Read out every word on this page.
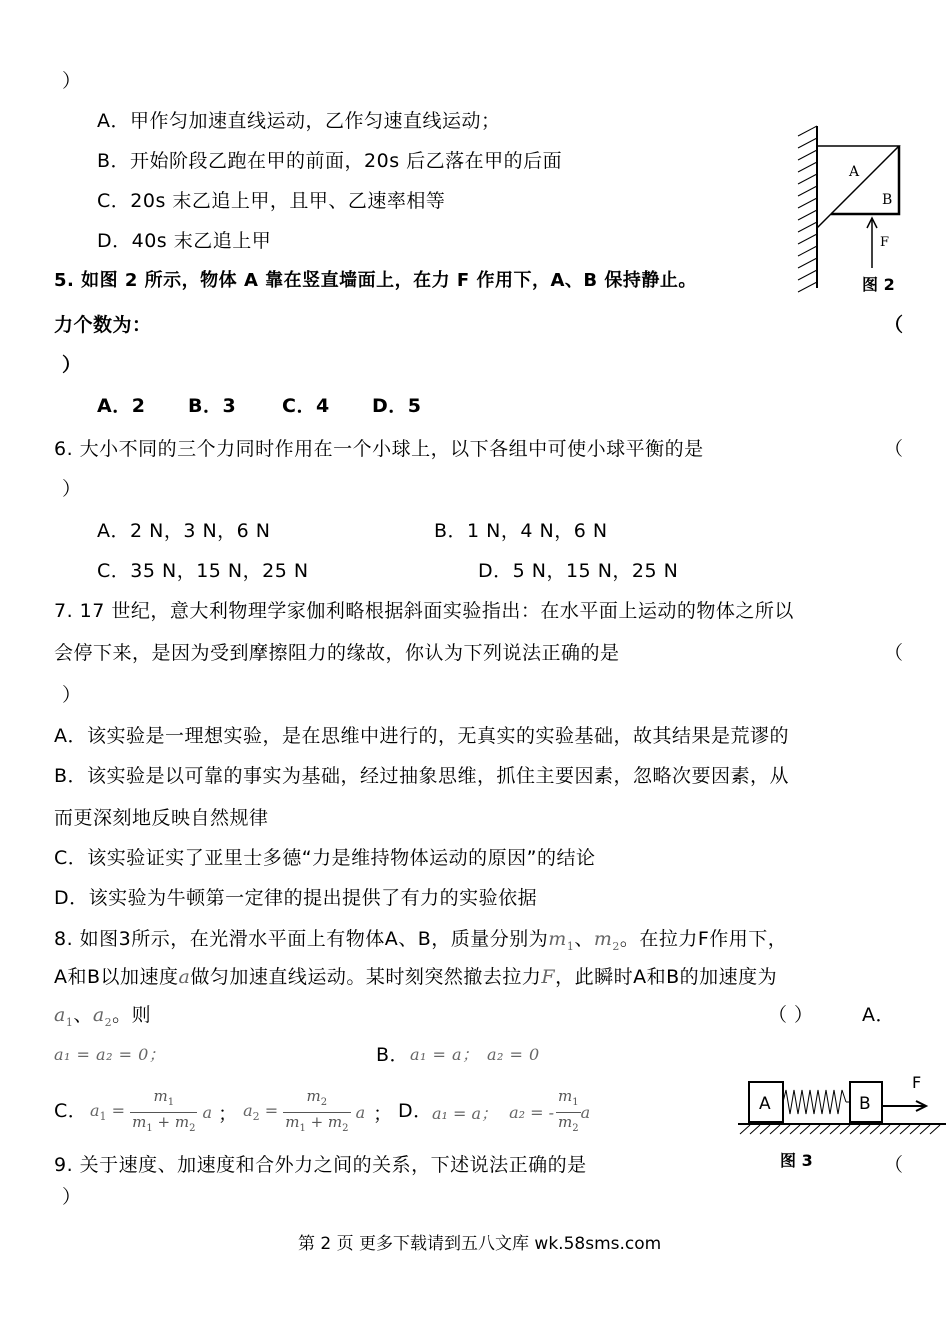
）
A．甲作匀加速直线运动，乙作匀速直线运动；
B．开始阶段乙跑在甲的前面，20s 后乙落在甲的后面
C．20s 末乙追上甲，且甲、乙速率相等
D．40s 末乙追上甲
A
B
F
图 2
5. 如图 2 所示，物体 A 靠在竖直墙面上，在力 F 作用下，A、B 保持静止。
力个数为：	（
）
A．2 B．3 C．4 D．5
6. 大小不同的三个力同时作用在一个小球上，以下各组中可使小球平衡的是	（
）
A．2 N，3 N，6 N	B．1 N，4 N，6 N
C．35 N，15 N，25 N	D．5 N，15 N，25 N
7. 17 世纪，意大利物理学家伽利略根据斜面实验指出：在水平面上运动的物体之所以
会停下来，是因为受到摩擦阻力的缘故，你认为下列说法正确的是	（
）
A．该实验是一理想实验，是在思维中进行的，无真实的实验基础，故其结果是荒谬的
B．该实验是以可靠的事实为基础，经过抽象思维，抓住主要因素，忽略次要因素，从
而更深刻地反映自然规律
C．该实验证实了亚里士多德“力是维持物体运动的原因”的结论
D．该实验为牛顿第一定律的提出提供了有力的实验依据
8. 如图3所示，在光滑水平面上有物体A、B，质量分别为$m_1$、$m_2$。在拉力F作用下，
A和B以加速度a做匀加速直线运动。某时刻突然撤去拉力F，此瞬时A和B的加速度为
$a_1$、$a_2$。则	（ ）	A．
a₁ = a₂ = 0；	B． a₁ = a； a₂ = 0
C． $a_1 = \frac{m_1}{m_1 + m_2}$ a ； $a_2 = \frac{m_2}{m_1 + m_2}$ a ； D． a₁ = a； a₂ = - $\frac{m_1}{m_2}$ a	A	B
F
图 3
9. 关于速度、加速度和合外力之间的关系，下述说法正确的是	（
）
第 2 页 更多下载请到五八文库 wk.58sms.com
